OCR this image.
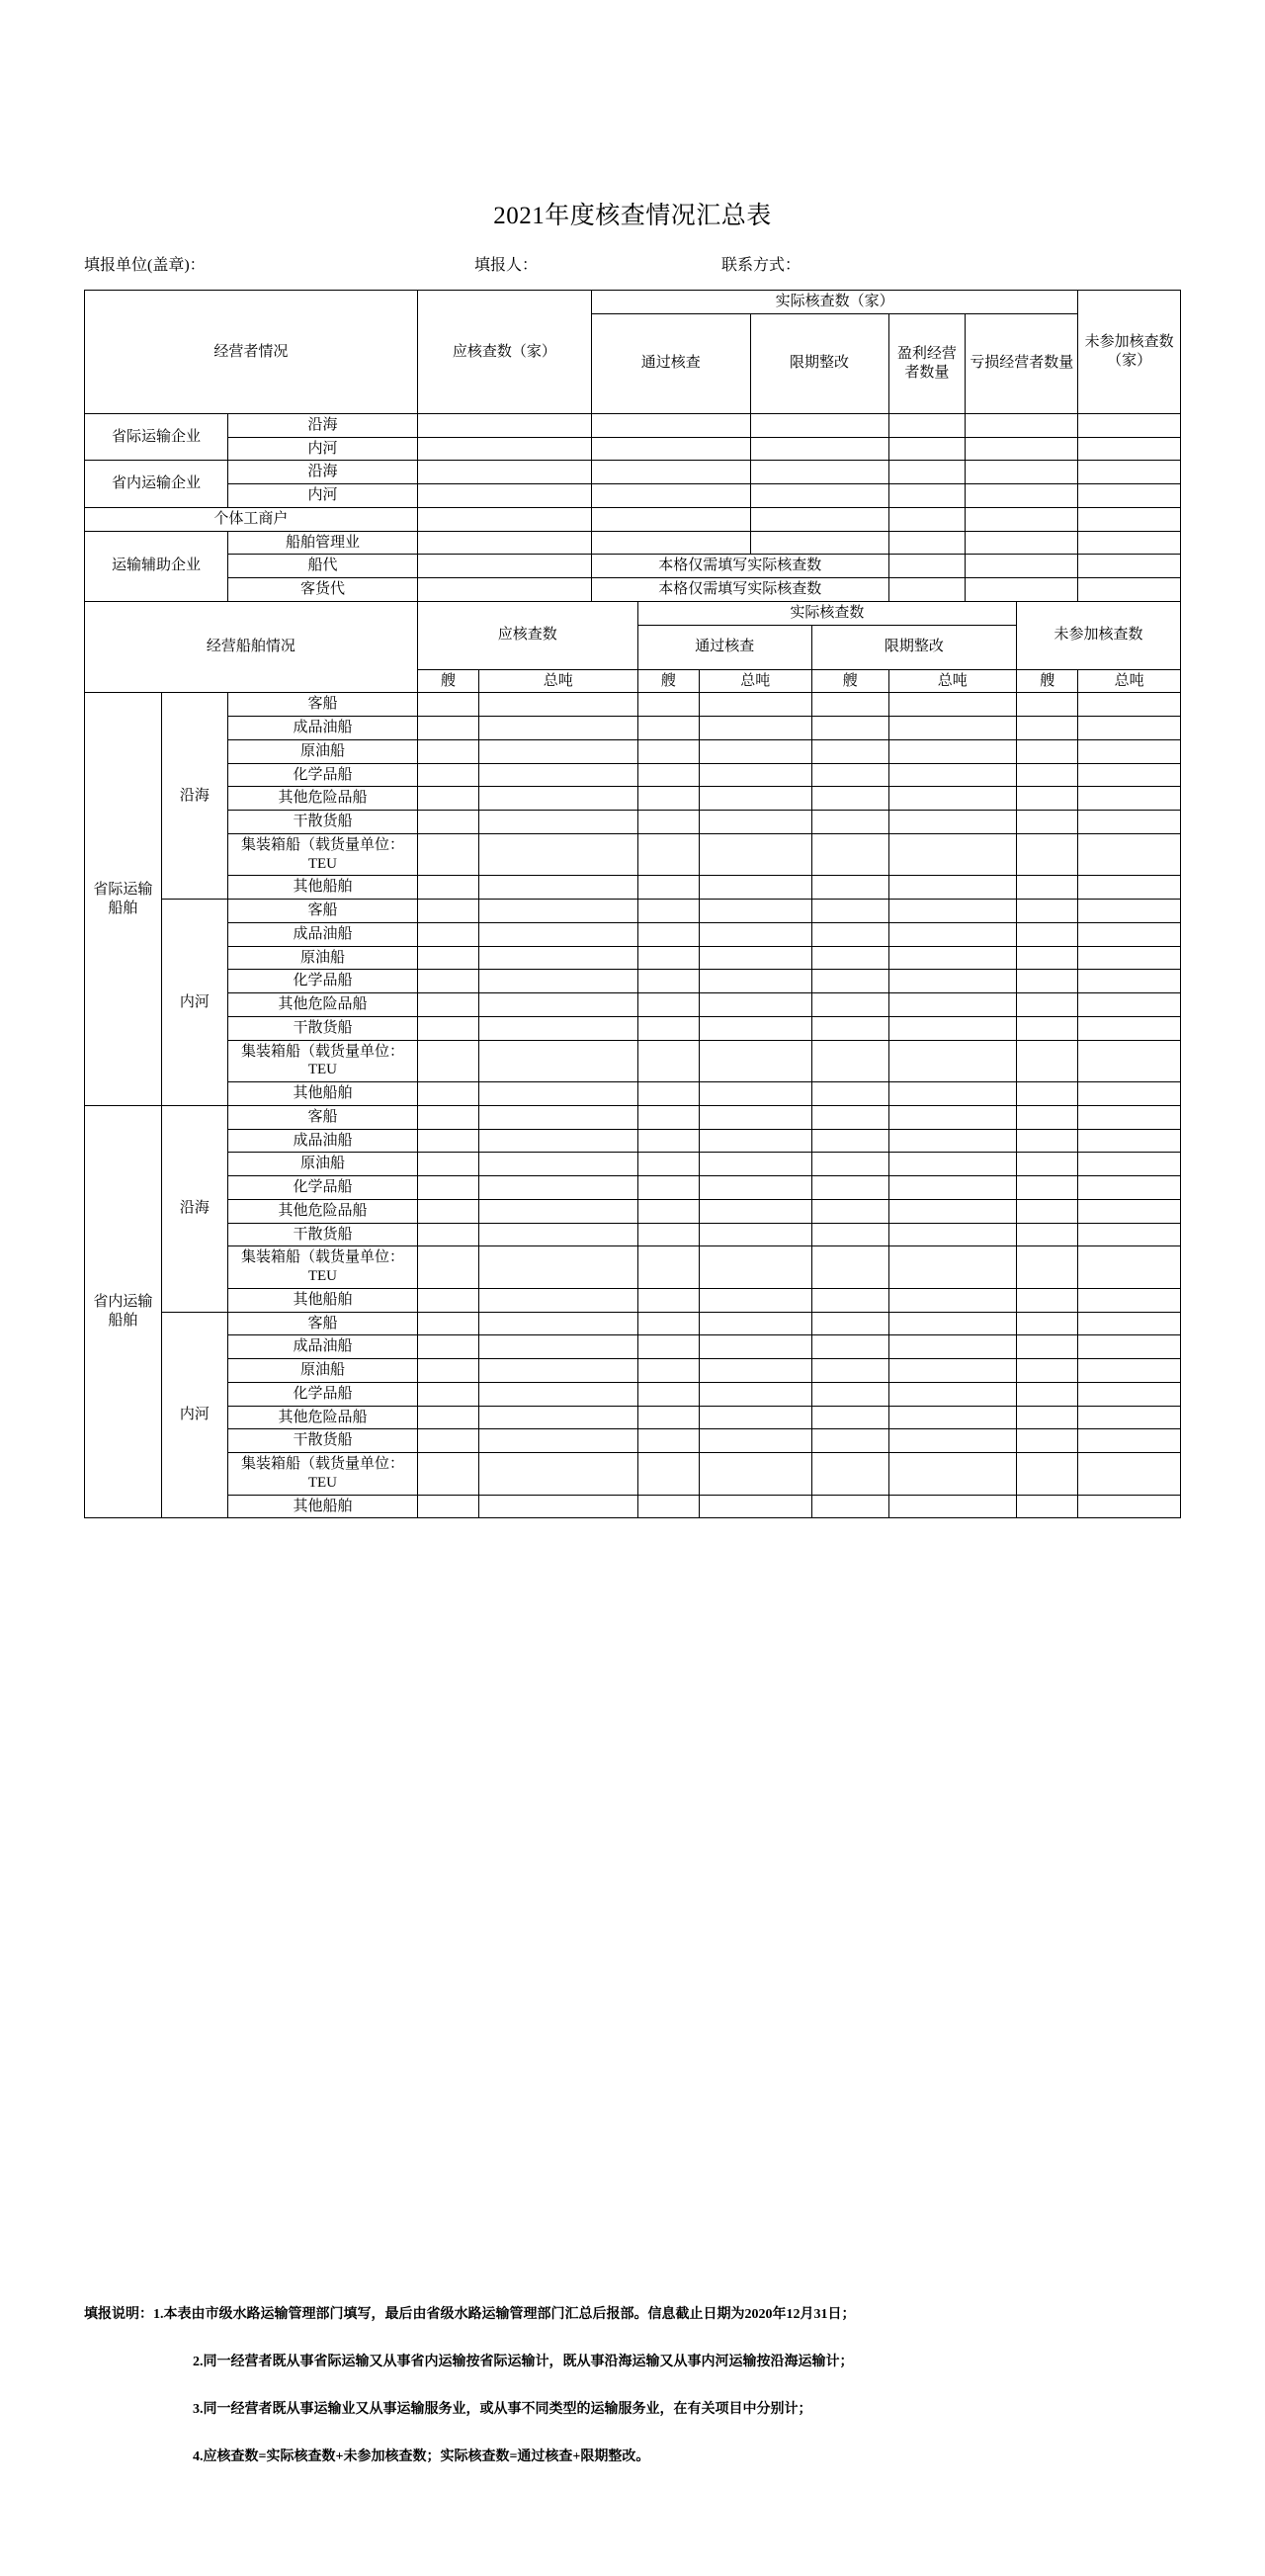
2021年度核查情况汇总表
填报单位(盖章)：	填报人：	联系方式：
经营者情况			应核查数（家）		实际核查数（家）								未参加核查数（家）
					通过核查			限期整改		盈利经营者数量	亏损经营者数量		
省际运输企业		沿海											
		内河											
省内运输企业		沿海											
		内河											
个体工商户													
运输辅助企业		船舶管理业											
		船代			本格仅需填写实际核查数								
		客货代			本格仅需填写实际核查数								
经营船舶情况			应核查数			实际核查数						未参加核查数	
						通过核查			限期整改				
			艘	总吨		艘	总吨		艘	总吨		艘	总吨
省际运输船舶	沿海	客船											
		成品油船											
		原油船											
		化学品船											
		其他危险品船											
		干散货船											
		集装箱船（载货量单位：TEU											
		其他船舶											
	内河	客船											
		成品油船											
		原油船											
		化学品船											
		其他危险品船											
		干散货船											
		集装箱船（载货量单位：TEU											
		其他船舶											
省内运输船舶	沿海	客船											
		成品油船											
		原油船											
		化学品船											
		其他危险品船											
		干散货船											
		集装箱船（载货量单位：TEU											
		其他船舶											
	内河	客船											
		成品油船											
		原油船											
		化学品船											
		其他危险品船											
		干散货船											
		集装箱船（载货量单位：TEU											
		其他船舶											
填报说明：1.本表由市级水路运输管理部门填写，最后由省级水路运输管理部门汇总后报部。信息截止日期为2020年12月31日；
2.同一经营者既从事省际运输又从事省内运输按省际运输计，既从事沿海运输又从事内河运输按沿海运输计；
3.同一经营者既从事运输业又从事运输服务业，或从事不同类型的运输服务业，在有关项目中分别计；
4.应核查数=实际核查数+未参加核查数；实际核查数=通过核查+限期整改。
